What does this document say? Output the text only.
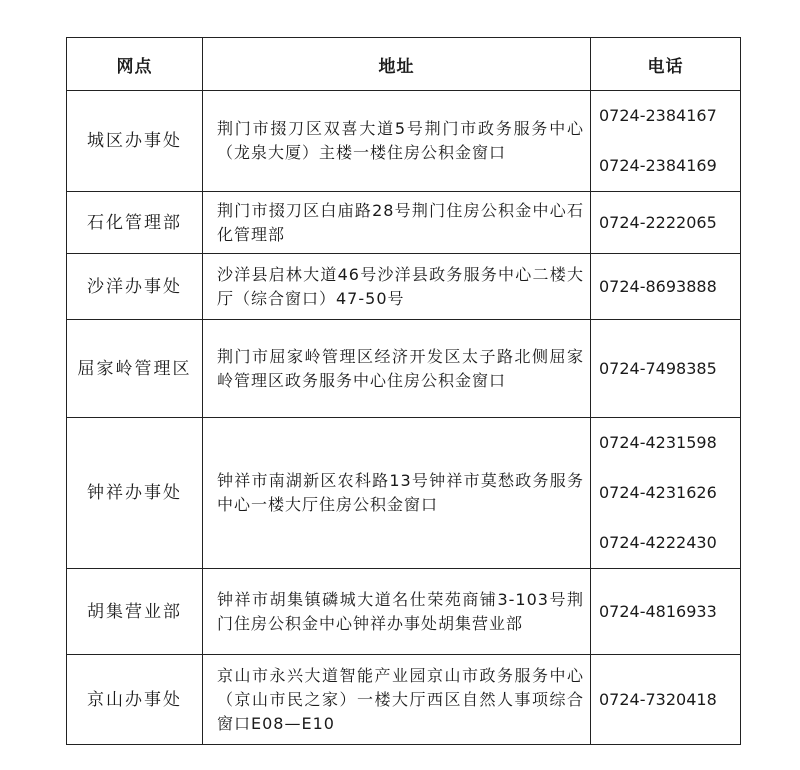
网点	地址	电话
城区办事处	荆门市掇刀区双喜大道5号荆门市政务服务中心（龙泉大厦）主楼一楼住房公积金窗口	0724-2384167
0724-2384169

石化管理部	荆门市掇刀区白庙路28号荆门住房公积金中心石化管理部	0724-2222065

沙洋办事处	沙洋县启林大道46号沙洋县政务服务中心二楼大厅（综合窗口）47-50号	0724-8693888

屈家岭管理区	荆门市屈家岭管理区经济开发区太子路北侧屈家岭管理区政务服务中心住房公积金窗口	0724-7498385

钟祥办事处	钟祥市南湖新区农科路13号钟祥市莫愁政务服务中心一楼大厅住房公积金窗口	0724-4231598
0724-4231626
0724-4222430

胡集营业部	钟祥市胡集镇磷城大道名仕荣苑商铺3-103号荆门住房公积金中心钟祥办事处胡集营业部	0724-4816933

京山办事处	京山市永兴大道智能产业园京山市政务服务中心（京山市民之家）一楼大厅西区自然人事项综合窗口E08—E10	0724-7320418
